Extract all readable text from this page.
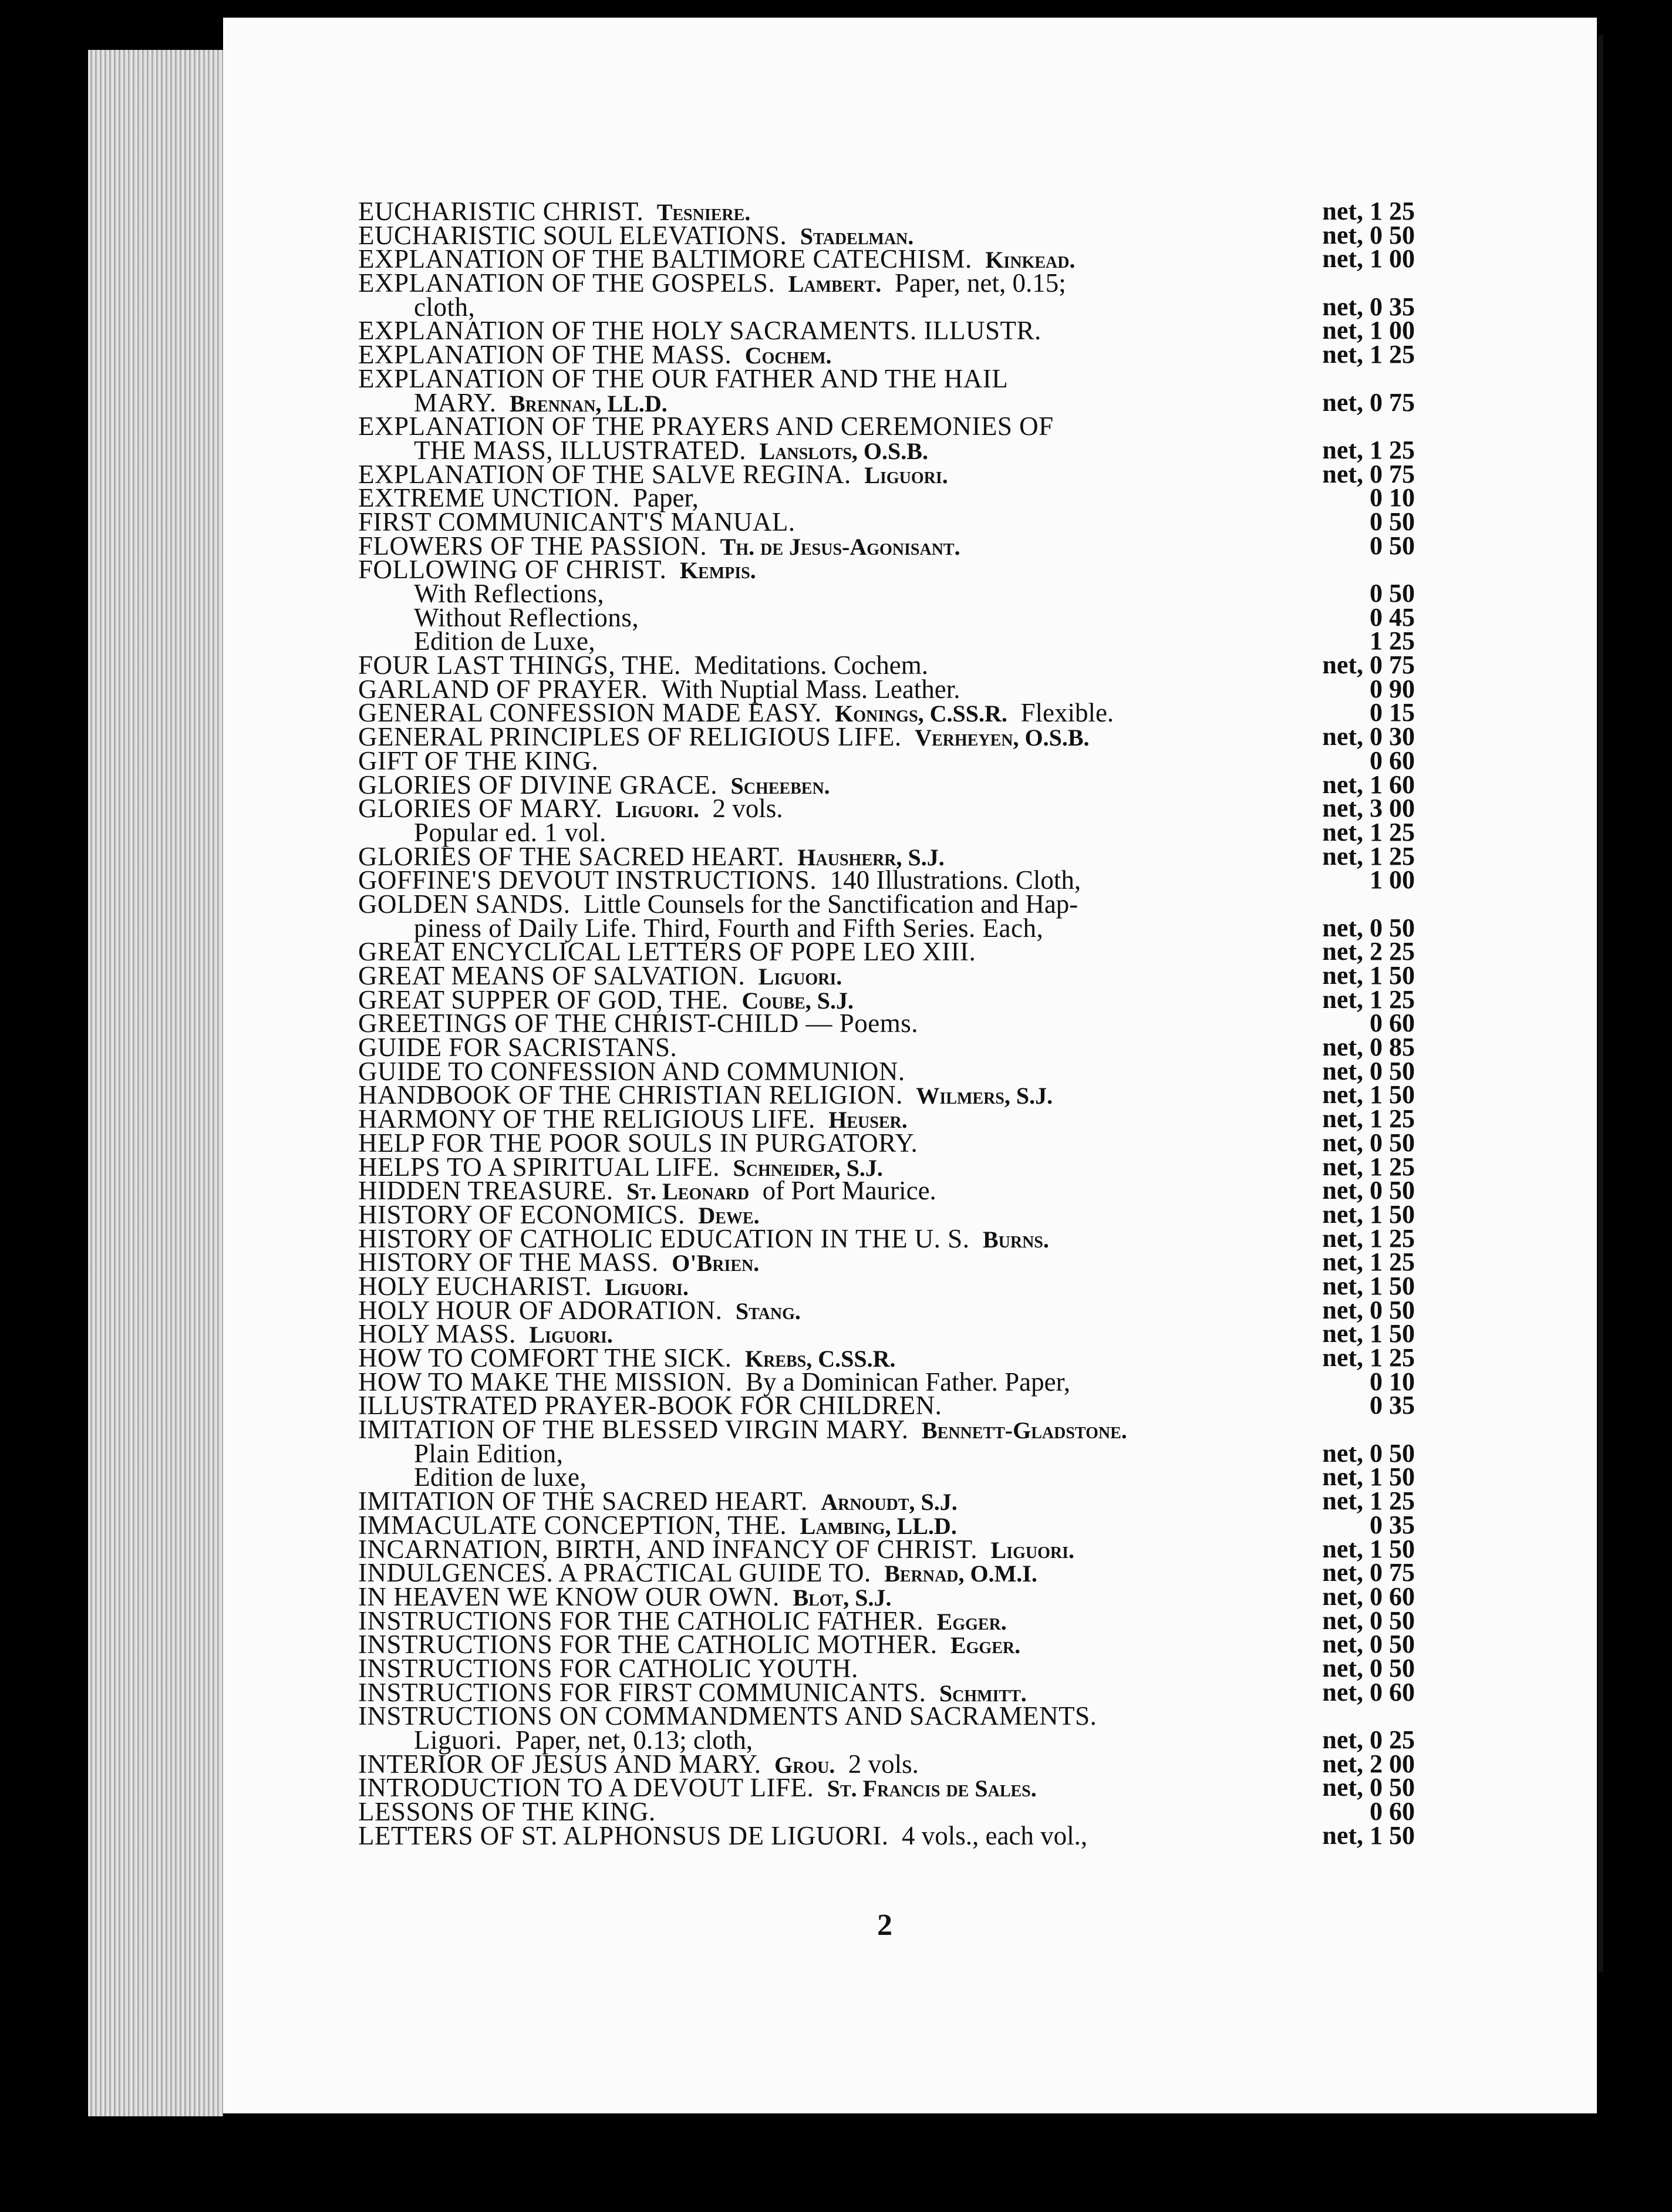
EUCHARISTIC CHRIST.  Tesniere.	net, 1 25
EUCHARISTIC SOUL ELEVATIONS.  Stadelman.	net, 0 50
EXPLANATION OF THE BALTIMORE CATECHISM.  Kinkead.	net, 1 00
EXPLANATION OF THE GOSPELS.  Lambert.  Paper, net, 0.15;
cloth,	net, 0 35
EXPLANATION OF THE HOLY SACRAMENTS. ILLUSTR.	net, 1 00
EXPLANATION OF THE MASS.  Cochem.	net, 1 25
EXPLANATION OF THE OUR FATHER AND THE HAIL
MARY.  Brennan, LL.D.	net, 0 75
EXPLANATION OF THE PRAYERS AND CEREMONIES OF
THE MASS, ILLUSTRATED.  Lanslots, O.S.B.	net, 1 25
EXPLANATION OF THE SALVE REGINA.  Liguori.	net, 0 75
EXTREME UNCTION.  Paper,	0 10
FIRST COMMUNICANT'S MANUAL.	0 50
FLOWERS OF THE PASSION.  Th. de Jesus-Agonisant.	0 50
FOLLOWING OF CHRIST.  Kempis.
With Reflections,	0 50
Without Reflections,	0 45
Edition de Luxe,	1 25
FOUR LAST THINGS, THE.  Meditations. Cochem.	net, 0 75
GARLAND OF PRAYER.  With Nuptial Mass. Leather.	0 90
GENERAL CONFESSION MADE EASY.  Konings, C.SS.R.  Flexible.	0 15
GENERAL PRINCIPLES OF RELIGIOUS LIFE.  Verheyen, O.S.B.	net, 0 30
GIFT OF THE KING.	0 60
GLORIES OF DIVINE GRACE.  Scheeben.	net, 1 60
GLORIES OF MARY.  Liguori.  2 vols.	net, 3 00
Popular ed. 1 vol.	net, 1 25
GLORIES OF THE SACRED HEART.  Hausherr, S.J.	net, 1 25
GOFFINE'S DEVOUT INSTRUCTIONS.  140 Illustrations. Cloth,	1 00
GOLDEN SANDS.  Little Counsels for the Sanctification and Hap-
piness of Daily Life. Third, Fourth and Fifth Series. Each,	net, 0 50
GREAT ENCYCLICAL LETTERS OF POPE LEO XIII.	net, 2 25
GREAT MEANS OF SALVATION.  Liguori.	net, 1 50
GREAT SUPPER OF GOD, THE.  Coube, S.J.	net, 1 25
GREETINGS OF THE CHRIST-CHILD — Poems.	0 60
GUIDE FOR SACRISTANS.	net, 0 85
GUIDE TO CONFESSION AND COMMUNION.	net, 0 50
HANDBOOK OF THE CHRISTIAN RELIGION.  Wilmers, S.J.	net, 1 50
HARMONY OF THE RELIGIOUS LIFE.  Heuser.	net, 1 25
HELP FOR THE POOR SOULS IN PURGATORY.	net, 0 50
HELPS TO A SPIRITUAL LIFE.  Schneider, S.J.	net, 1 25
HIDDEN TREASURE.  St. Leonard  of Port Maurice.	net, 0 50
HISTORY OF ECONOMICS.  Dewe.	net, 1 50
HISTORY OF CATHOLIC EDUCATION IN THE U. S.  Burns.	net, 1 25
HISTORY OF THE MASS.  O'Brien.	net, 1 25
HOLY EUCHARIST.  Liguori.	net, 1 50
HOLY HOUR OF ADORATION.  Stang.	net, 0 50
HOLY MASS.  Liguori.	net, 1 50
HOW TO COMFORT THE SICK.  Krebs, C.SS.R.	net, 1 25
HOW TO MAKE THE MISSION.  By a Dominican Father. Paper,	0 10
ILLUSTRATED PRAYER-BOOK FOR CHILDREN.	0 35
IMITATION OF THE BLESSED VIRGIN MARY.  Bennett-Gladstone.
Plain Edition,	net, 0 50
Edition de luxe,	net, 1 50
IMITATION OF THE SACRED HEART.  Arnoudt, S.J.	net, 1 25
IMMACULATE CONCEPTION, THE.  Lambing, LL.D.	0 35
INCARNATION, BIRTH, AND INFANCY OF CHRIST.  Liguori.	net, 1 50
INDULGENCES. A PRACTICAL GUIDE TO.  Bernad, O.M.I.	net, 0 75
IN HEAVEN WE KNOW OUR OWN.  Blot, S.J.	net, 0 60
INSTRUCTIONS FOR THE CATHOLIC FATHER.  Egger.	net, 0 50
INSTRUCTIONS FOR THE CATHOLIC MOTHER.  Egger.	net, 0 50
INSTRUCTIONS FOR CATHOLIC YOUTH.	net, 0 50
INSTRUCTIONS FOR FIRST COMMUNICANTS.  Schmitt.	net, 0 60
INSTRUCTIONS ON COMMANDMENTS AND SACRAMENTS.
Liguori.  Paper, net, 0.13; cloth,	net, 0 25
INTERIOR OF JESUS AND MARY.  Grou.  2 vols.	net, 2 00
INTRODUCTION TO A DEVOUT LIFE.  St. Francis de Sales.	net, 0 50
LESSONS OF THE KING.	0 60
LETTERS OF ST. ALPHONSUS DE LIGUORI.  4 vols., each vol.,	net, 1 50
2
